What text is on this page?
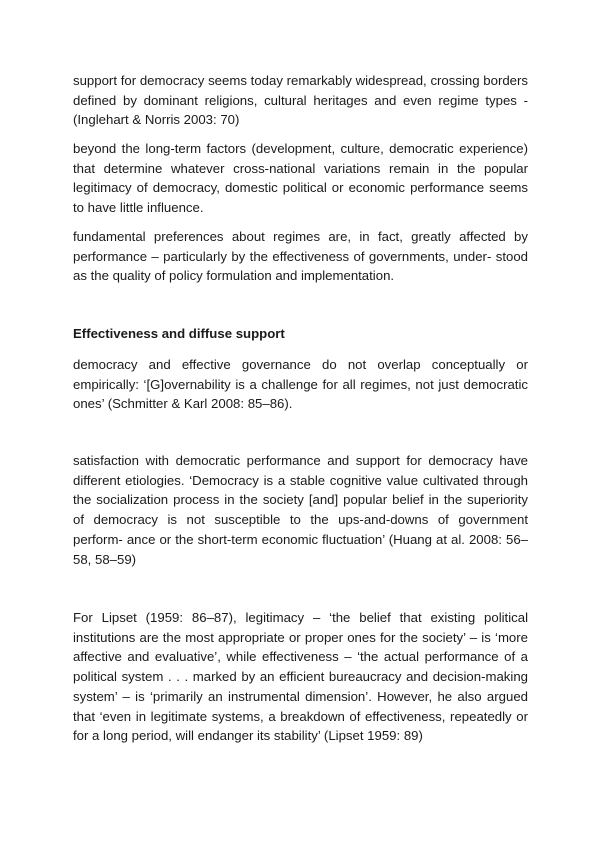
support for democracy seems today remarkably widespread, crossing borders defined by dominant religions, cultural heritages and even regime types - (Inglehart & Norris 2003: 70)

beyond the long-term factors (development, culture, democratic experience) that determine whatever cross-national variations remain in the popular legitimacy of democracy, domestic political or economic performance seems to have little influence.

fundamental preferences about regimes are, in fact, greatly affected by performance – particularly by the effectiveness of governments, under- stood as the quality of policy formulation and implementation.

Effectiveness and diffuse support

democracy and effective governance do not overlap conceptually or empirically: ‘[G]overnability is a challenge for all regimes, not just democratic ones’ (Schmitter & Karl 2008: 85–86).

satisfaction with democratic performance and support for democracy have different etiologies. ‘Democracy is a stable cognitive value cultivated through the socialization process in the society [and] popular belief in the superiority of democracy is not susceptible to the ups-and-downs of government perform- ance or the short-term economic fluctuation’ (Huang at al. 2008: 56–58, 58–59)

For Lipset (1959: 86–87), legitimacy – ‘the belief that existing political institutions are the most appropriate or proper ones for the society’ – is ‘more affective and evaluative’, while effectiveness – ‘the actual performance of a political system . . . marked by an efficient bureaucracy and decision-making system’ – is ‘primarily an instrumental dimension’. However, he also argued that ‘even in legitimate systems, a breakdown of effectiveness, repeatedly or for a long period, will endanger its stability’ (Lipset 1959: 89)
